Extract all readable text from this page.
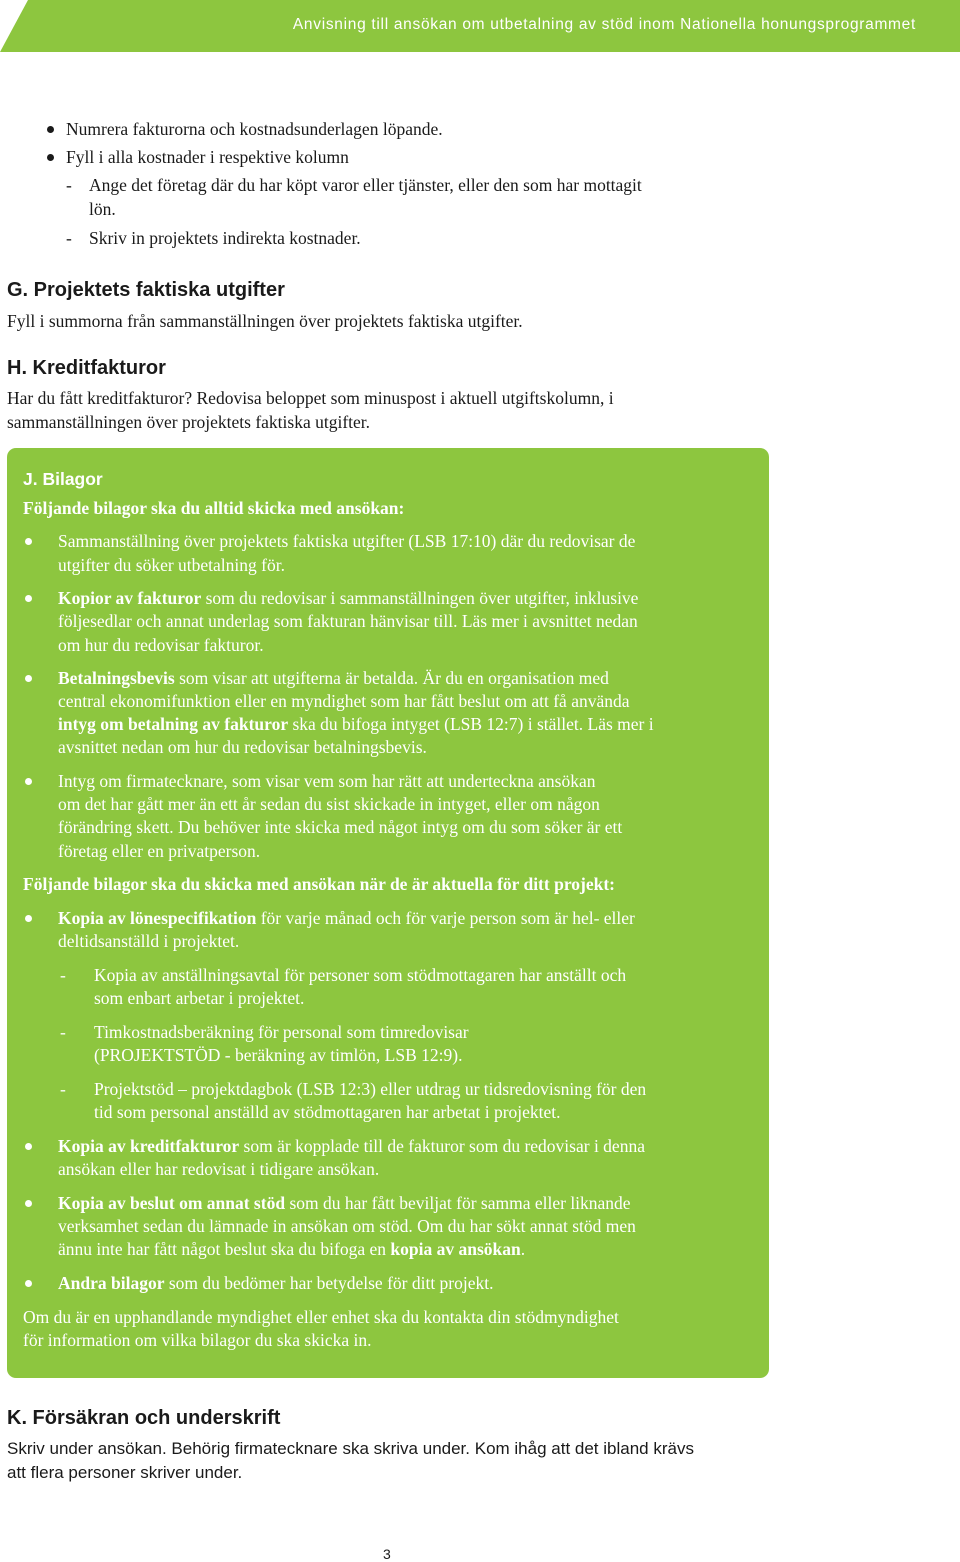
Anvisning till ansökan om utbetalning av stöd inom Nationella honungsprogrammet
Numrera fakturorna och kostnadsunderlagen löpande.
Fyll i alla kostnader i respektive kolumn
- Ange det företag där du har köpt varor eller tjänster, eller den som har mottagit
lön.
- Skriv in projektets indirekta kostnader.
G. Projektets faktiska utgifter
Fyll i summorna från sammanställningen över projektets faktiska utgifter.
H. Kreditfakturor
Har du fått kreditfakturor? Redovisa beloppet som minuspost i aktuell utgiftskolumn, i
sammanställningen över projektets faktiska utgifter.
J. Bilagor
Följande bilagor ska du alltid skicka med ansökan:
Sammanställning över projektets faktiska utgifter (LSB 17:10) där du redovisar de
utgifter du söker utbetalning för.
Kopior av fakturor som du redovisar i sammanställningen över utgifter, inklusive
följesedlar och annat underlag som fakturan hänvisar till. Läs mer i avsnittet nedan
om hur du redovisar fakturor.
Betalningsbevis som visar att utgifterna är betalda. Är du en organisation med
central ekonomifunktion eller en myndighet som har fått beslut om att få använda
intyg om betalning av fakturor ska du bifoga intyget (LSB 12:7) i stället. Läs mer i
avsnittet nedan om hur du redovisar betalningsbevis.
Intyg om firmatecknare, som visar vem som har rätt att underteckna ansökan
om det har gått mer än ett år sedan du sist skickade in intyget, eller om någon
förändring skett. Du behöver inte skicka med något intyg om du som söker är ett
företag eller en privatperson.
Följande bilagor ska du skicka med ansökan när de är aktuella för ditt projekt:
Kopia av lönespecifikation för varje månad och för varje person som är hel- eller
deltidsanställd i projektet.
- Kopia av anställningsavtal för personer som stödmottagaren har anställt och
som enbart arbetar i projektet.
- Timkostnadsberäkning för personal som timredovisar
(PROJEKTSTÖD - beräkning av timlön, LSB 12:9).
- Projektstöd – projektdagbok (LSB 12:3) eller utdrag ur tidsredovisning för den
tid som personal anställd av stödmottagaren har arbetat i projektet.
Kopia av kreditfakturor som är kopplade till de fakturor som du redovisar i denna
ansökan eller har redovisat i tidigare ansökan.
Kopia av beslut om annat stöd som du har fått beviljat för samma eller liknande
verksamhet sedan du lämnade in ansökan om stöd. Om du har sökt annat stöd men
ännu inte har fått något beslut ska du bifoga en kopia av ansökan.
Andra bilagor som du bedömer har betydelse för ditt projekt.
Om du är en upphandlande myndighet eller enhet ska du kontakta din stödmyndighet
för information om vilka bilagor du ska skicka in.
K. Försäkran och underskrift
Skriv under ansökan. Behörig firmatecknare ska skriva under. Kom ihåg att det ibland krävs
att flera personer skriver under.
3
